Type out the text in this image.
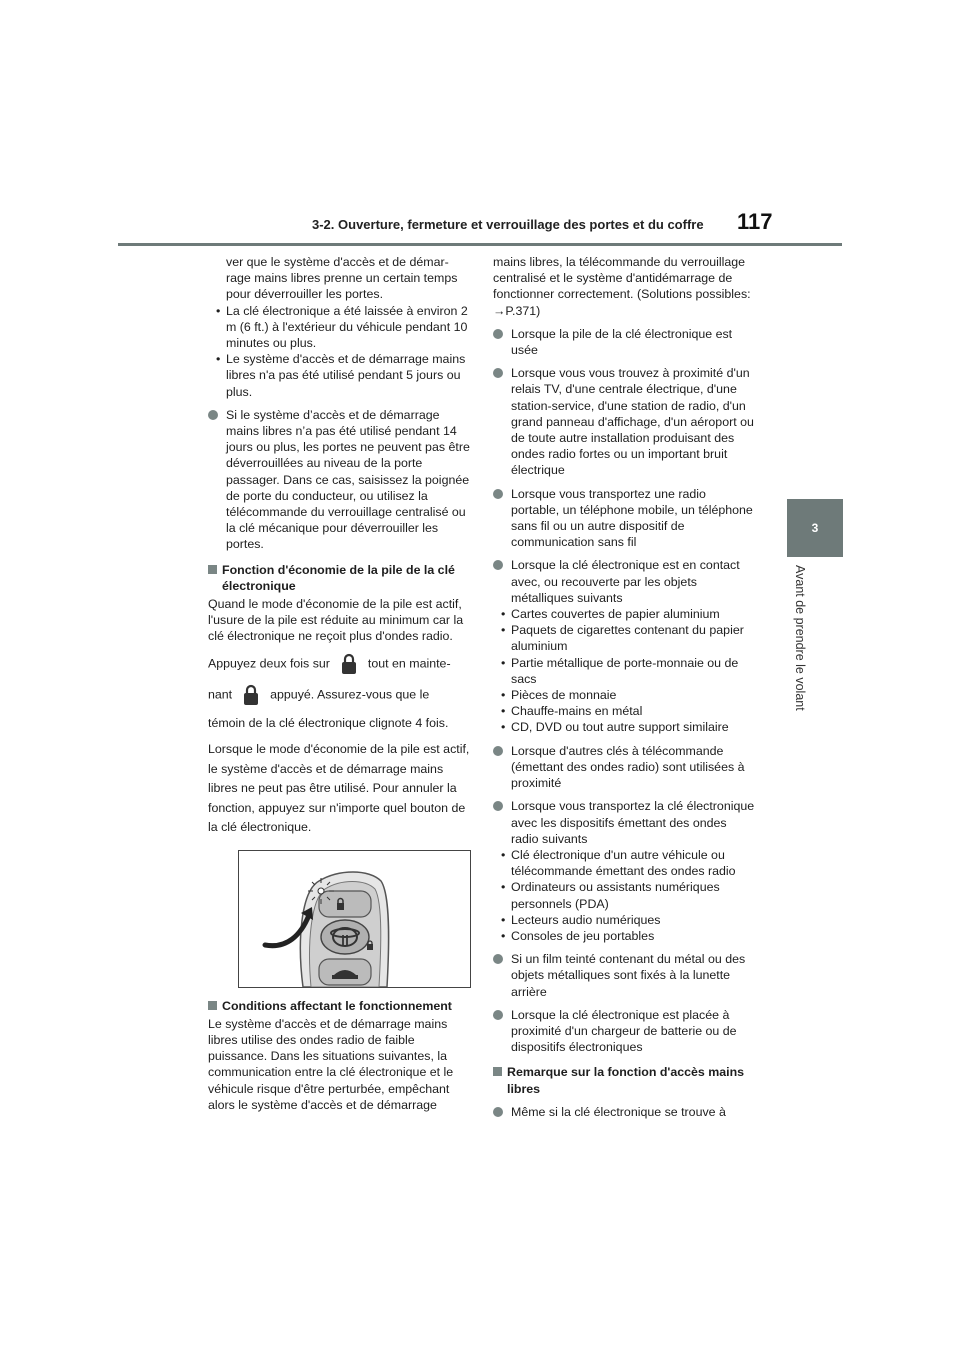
3-2. Ouverture, fermeture et verrouillage des portes et du coffre 117
3
Avant de prendre le volant

ver que le système d'accès et de démar-

rage mains libres prenne un certain temps

pour déverrouiller les portes.

• La clé électronique a été laissée à environ 2 m (6 ft.) à l'extérieur du véhicule pendant 10 minutes ou plus.

• Le système d'accès et de démarrage mains libres n'a pas été utilisé pendant 5 jours ou plus.

Si le système d’accès et de démarrage mains libres n’a pas été utilisé pendant 14 jours ou plus, les portes ne peuvent pas être déverrouillées au niveau de la porte passager. Dans ce cas, saisissez la poignée de porte du conducteur, ou utilisez la télécommande du verrouillage centralisé ou la clé mécanique pour déverrouiller les portes.

Fonction d'économie de la pile de la clé électronique

Quand le mode d'économie de la pile est actif, l'usure de la pile est réduite au minimum car la clé électronique ne reçoit plus d'ondes radio.

Appuyez deux fois sur	tout en mainte-

nant	appuyé. Assurez-vous que le

témoin de la clé électronique clignote 4 fois.

Lorsque le mode d'économie de la pile est actif, le système d'accès et de démarrage mains libres ne peut pas être utilisé. Pour annuler la fonction, appuyez sur n'importe quel bouton de la clé électronique.

Conditions affectant le fonctionnement

Le système d'accès et de démarrage mains libres utilise des ondes radio de faible puissance. Dans les situations suivantes, la communication entre la clé électronique et le véhicule risque d'être perturbée, empêchant alors le système d'accès et de démarrage

mains libres, la télécommande du verrouillage centralisé et le système d'antidémarrage de fonctionner correctement. (Solutions possibles: →P.371)

Lorsque la pile de la clé électronique est usée

Lorsque vous vous trouvez à proximité d'un relais TV, d'une centrale électrique, d'une station-service, d'une station de radio, d'un grand panneau d'affichage, d'un aéroport ou de toute autre installation produisant des ondes radio fortes ou un important bruit électrique

Lorsque vous transportez une radio portable, un téléphone mobile, un téléphone sans fil ou un autre dispositif de communication sans fil

Lorsque la clé électronique est en contact avec, ou recouverte par les objets métalliques suivants

• Cartes couvertes de papier aluminium

• Paquets de cigarettes contenant du papier aluminium

• Partie métallique de porte-monnaie ou de sacs

• Pièces de monnaie

• Chauffe-mains en métal

• CD, DVD ou tout autre support similaire

Lorsque d'autres clés à télécommande (émettant des ondes radio) sont utilisées à proximité

Lorsque vous transportez la clé électronique avec les dispositifs émettant des ondes radio suivants

• Clé électronique d'un autre véhicule ou télécommande émettant des ondes radio

• Ordinateurs ou assistants numériques personnels (PDA)

• Lecteurs audio numériques

• Consoles de jeu portables

Si un film teinté contenant du métal ou des objets métalliques sont fixés à la lunette arrière

Lorsque la clé électronique est placée à proximité d'un chargeur de batterie ou de dispositifs électroniques

Remarque sur la fonction d'accès mains libres

Même si la clé électronique se trouve à
